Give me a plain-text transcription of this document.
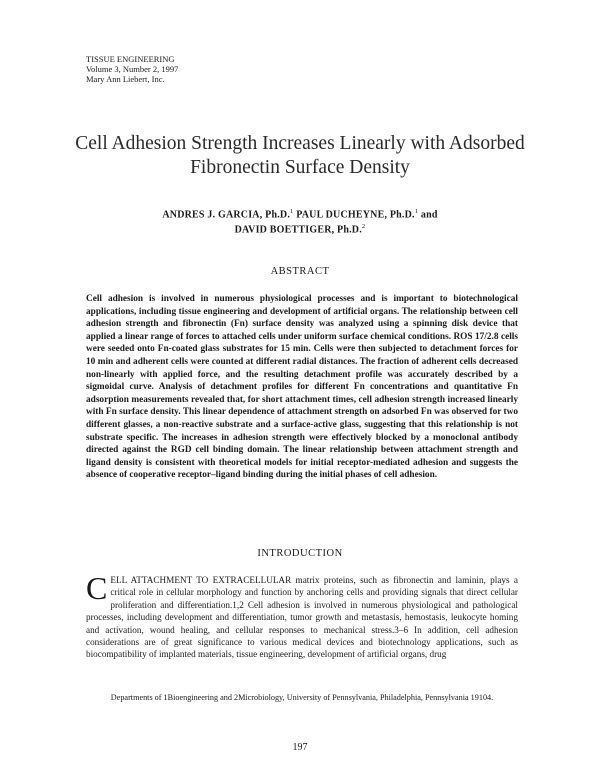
TISSUE ENGINEERING
Volume 3, Number 2, 1997
Mary Ann Liebert, Inc.
Cell Adhesion Strength Increases Linearly with Adsorbed
Fibronectin Surface Density
ANDRES J. GARCIA, Ph.D.$^1$ PAUL DUCHEYNE, Ph.D.$^1$ and
DAVID BOETTIGER, Ph.D.$^2$
ABSTRACT
Cell adhesion is involved in numerous physiological processes and is important to biotechnological applications, including tissue engineering and development of artificial organs. The relationship between cell adhesion strength and fibronectin (Fn) surface density was analyzed using a spinning disk device that applied a linear range of forces to attached cells under uniform surface chemical conditions. ROS 17/2.8 cells were seeded onto Fn-coated glass substrates for 15 min. Cells were then subjected to detachment forces for 10 min and adherent cells were counted at different radial distances. The fraction of adherent cells decreased non-linearly with applied force, and the resulting detachment profile was accurately described by a sigmoidal curve. Analysis of detachment profiles for different Fn concentrations and quantitative Fn adsorption measurements revealed that, for short attachment times, cell adhesion strength increased linearly with Fn surface density. This linear dependence of attachment strength on adsorbed Fn was observed for two different glasses, a non-reactive substrate and a surface-active glass, suggesting that this relationship is not substrate specific. The increases in adhesion strength were effectively blocked by a monoclonal antibody directed against the RGD cell binding domain. The linear relationship between attachment strength and ligand density is consistent with theoretical models for initial receptor-mediated adhesion and suggests the absence of cooperative receptor–ligand binding during the initial phases of cell adhesion.
INTRODUCTION
CELL ATTACHMENT TO EXTRACELLULAR matrix proteins, such as fibronectin and laminin, plays a critical role in cellular morphology and function by anchoring cells and providing signals that direct cellular proliferation and differentiation.1,2 Cell adhesion is involved in numerous physiological and pathological processes, including development and differentiation, tumor growth and metastasis, hemostasis, leukocyte homing and activation, wound healing, and cellular responses to mechanical stress.3–6 In addition, cell adhesion considerations are of great significance to various medical devices and biotechnology applications, such as biocompatibility of implanted materials, tissue engineering, development of artificial organs, drug
Departments of 1Bioengineering and 2Microbiology, University of Pennsylvania, Philadelphia, Pennsylvania 19104.
197
